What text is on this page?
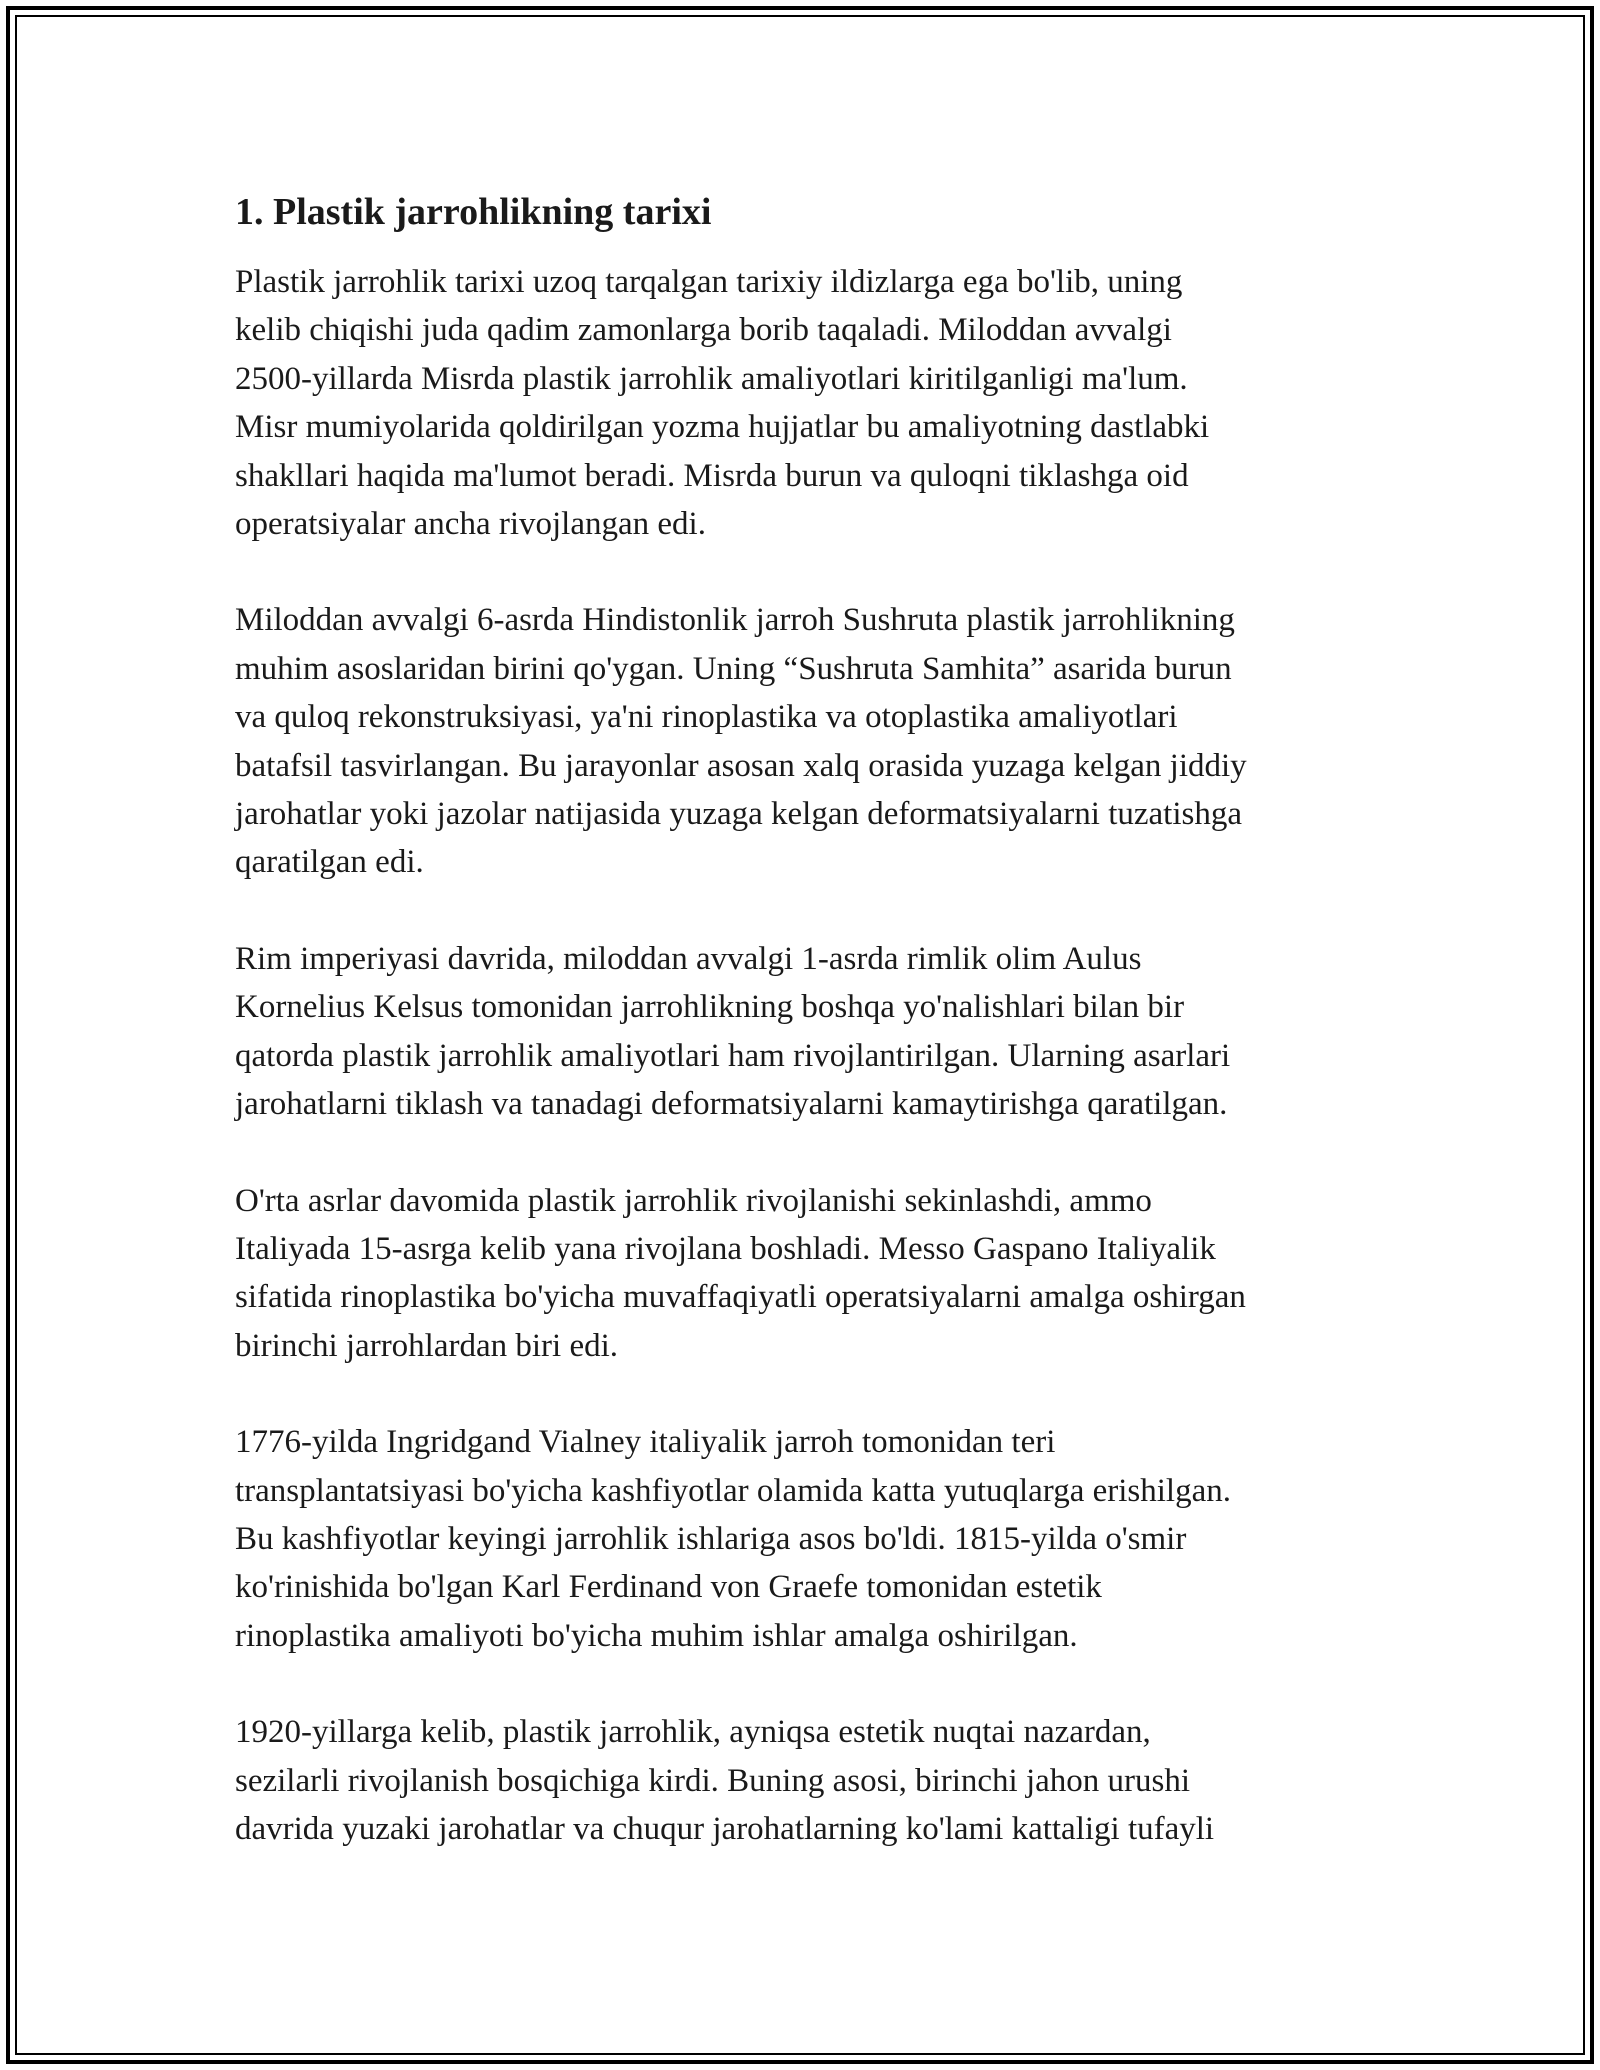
1. Plastik jarrohlikning tarixi
Plastik jarrohlik tarixi uzoq tarqalgan tarixiy ildizlarga ega bo'lib, uning
kelib chiqishi juda qadim zamonlarga borib taqaladi. Miloddan avvalgi
2500-yillarda Misrda plastik jarrohlik amaliyotlari kiritilganligi ma'lum.
Misr mumiyolarida qoldirilgan yozma hujjatlar bu amaliyotning dastlabki
shakllari haqida ma'lumot beradi. Misrda burun va quloqni tiklashga oid
operatsiyalar ancha rivojlangan edi.
Miloddan avvalgi 6-asrda Hindistonlik jarroh Sushruta plastik jarrohlikning
muhim asoslaridan birini qo'ygan. Uning “Sushruta Samhita” asarida burun
va quloq rekonstruksiyasi, ya'ni rinoplastika va otoplastika amaliyotlari
batafsil tasvirlangan. Bu jarayonlar asosan xalq orasida yuzaga kelgan jiddiy
jarohatlar yoki jazolar natijasida yuzaga kelgan deformatsiyalarni tuzatishga
qaratilgan edi.
Rim imperiyasi davrida, miloddan avvalgi 1-asrda rimlik olim Aulus
Kornelius Kelsus tomonidan jarrohlikning boshqa yo'nalishlari bilan bir
qatorda plastik jarrohlik amaliyotlari ham rivojlantirilgan. Ularning asarlari
jarohatlarni tiklash va tanadagi deformatsiyalarni kamaytirishga qaratilgan.
O'rta asrlar davomida plastik jarrohlik rivojlanishi sekinlashdi, ammo
Italiyada 15-asrga kelib yana rivojlana boshladi. Messo Gaspano Italiyalik
sifatida rinoplastika bo'yicha muvaffaqiyatli operatsiyalarni amalga oshirgan
birinchi jarrohlardan biri edi.
1776-yilda Ingridgand Vialney italiyalik jarroh tomonidan teri
transplantatsiyasi bo'yicha kashfiyotlar olamida katta yutuqlarga erishilgan.
Bu kashfiyotlar keyingi jarrohlik ishlariga asos bo'ldi. 1815-yilda o'smir
ko'rinishida bo'lgan Karl Ferdinand von Graefe tomonidan estetik
rinoplastika amaliyoti bo'yicha muhim ishlar amalga oshirilgan.
1920-yillarga kelib, plastik jarrohlik, ayniqsa estetik nuqtai nazardan,
sezilarli rivojlanish bosqichiga kirdi. Buning asosi, birinchi jahon urushi
davrida yuzaki jarohatlar va chuqur jarohatlarning ko'lami kattaligi tufayli
